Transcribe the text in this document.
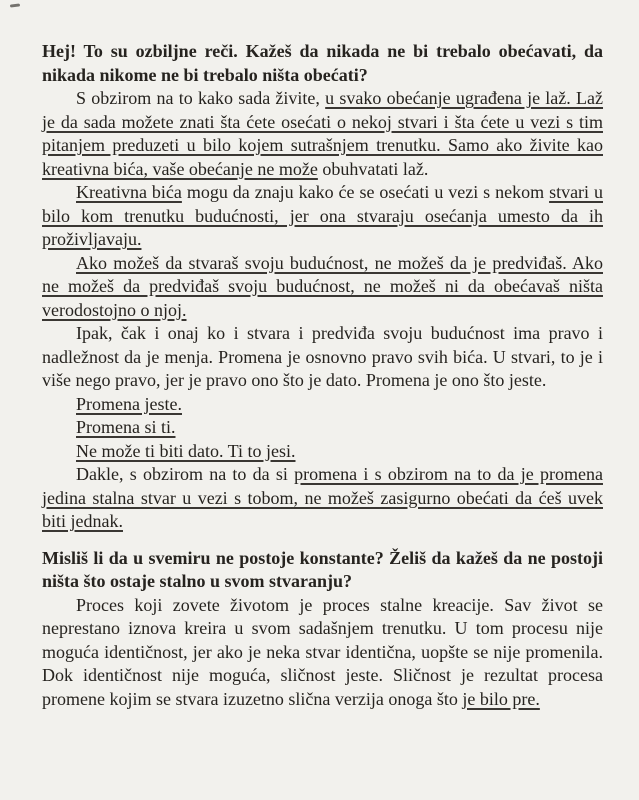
Hej! To su ozbiljne reči. Kažeš da nikada ne bi trebalo obećavati, da nikada nikome ne bi trebalo ništa obećati?

S obzirom na to kako sada živite, u svako obećanje ugrađena je laž. Laž je da sada možete znati šta ćete osećati o nekoj stvari i šta ćete u vezi s tim pitanjem preduzeti u bilo kojem sutrašnjem trenutku. Samo ako živite kao kreativna bića, vaše obećanje ne može obuhvatati laž.

Kreativna bića mogu da znaju kako će se osećati u vezi s nekom stvari u bilo kom trenutku budućnosti, jer ona stvaraju osećanja umesto da ih proživljavaju.

Ako možeš da stvaraš svoju budućnost, ne možeš da je predviđaš. Ako ne možeš da predviđaš svoju budućnost, ne možeš ni da obećavaš ništa verodostojno o njoj.

Ipak, čak i onaj ko i stvara i predviđa svoju budućnost ima pravo i nadležnost da je menja. Promena je osnovno pravo svih bića. U stvari, to je i više nego pravo, jer je pravo ono što je dato. Promena je ono što jeste.

Promena jeste.

Promena si ti.

Ne može ti biti dato. Ti to jesi.

Dakle, s obzirom na to da si promena i s obzirom na to da je promena jedina stalna stvar u vezi s tobom, ne možeš zasigurno obećati da ćeš uvek biti jednak.

Misliš li da u svemiru ne postoje konstante? Želiš da kažeš da ne postoji ništa što ostaje stalno u svom stvaranju?

Proces koji zovete životom je proces stalne kreacije. Sav život se neprestano iznova kreira u svom sadašnjem trenutku. U tom procesu nije moguća identičnost, jer ako je neka stvar identična, uopšte se nije promenila. Dok identičnost nije moguća, sličnost jeste. Sličnost je rezultat procesa promene kojim se stvara izuzetno slična verzija onoga što je bilo pre.
